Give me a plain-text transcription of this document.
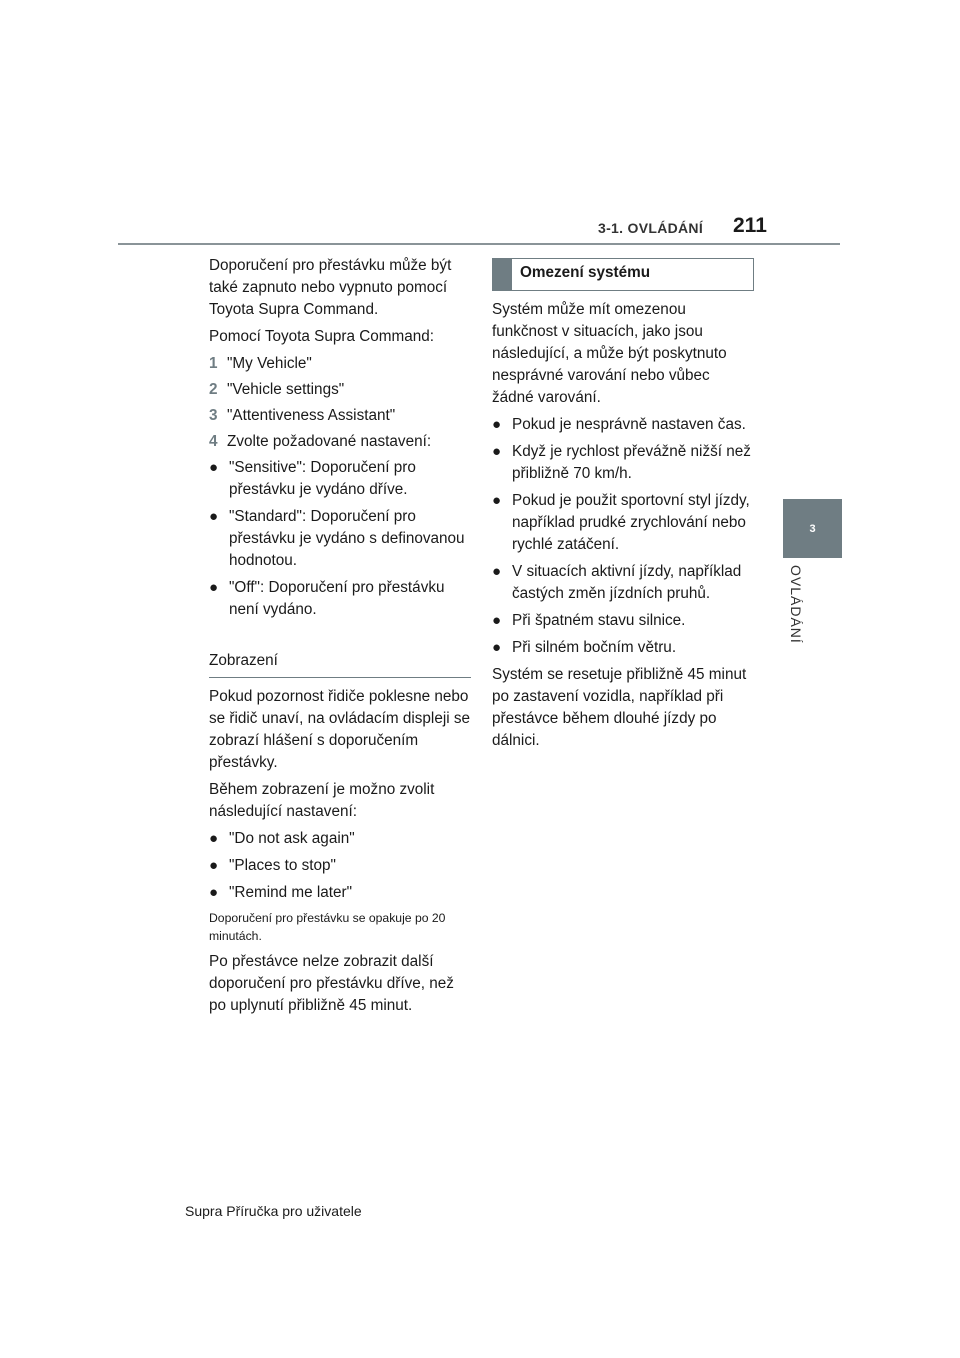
3-1. OVLÁDÁNÍ 211
3
OVLÁDÁNÍ

Doporučení pro přestávku může být také zapnuto nebo vypnuto pomocí Toyota Supra Command.

Pomocí Toyota Supra Command:

1 "My Vehicle"
2 "Vehicle settings"
3 "Attentiveness Assistant"
4 Zvolte požadované nastavení:
● "Sensitive": Doporučení pro přestávku je vydáno dříve.
● "Standard": Doporučení pro přestávku je vydáno s definovanou hodnotou.
● "Off": Doporučení pro přestávku není vydáno.
Zobrazení

Pokud pozornost řidiče poklesne nebo se řidič unaví, na ovládacím displeji se zobrazí hlášení s doporučením přestávky.

Během zobrazení je možno zvolit následující nastavení:

● "Do not ask again"
● "Places to stop"
● "Remind me later"

Doporučení pro přestávku se opakuje po 20 minutách.

Po přestávce nelze zobrazit další doporučení pro přestávku dříve, než po uplynutí přibližně 45 minut.

Omezení systému

Systém může mít omezenou funkčnost v situacích, jako jsou následující, a může být poskytnuto nesprávné varování nebo vůbec žádné varování.

● Pokud je nesprávně nastaven čas.
● Když je rychlost převážně nižší než přibližně 70 km/h.
● Pokud je použit sportovní styl jízdy, například prudké zrychlování nebo rychlé zatáčení.
● V situacích aktivní jízdy, například častých změn jízdních pruhů.
● Při špatném stavu silnice.
● Při silném bočním větru.

Systém se resetuje přibližně 45 minut po zastavení vozidla, například při přestávce během dlouhé jízdy po dálnici.

Supra Příručka pro uživatele
